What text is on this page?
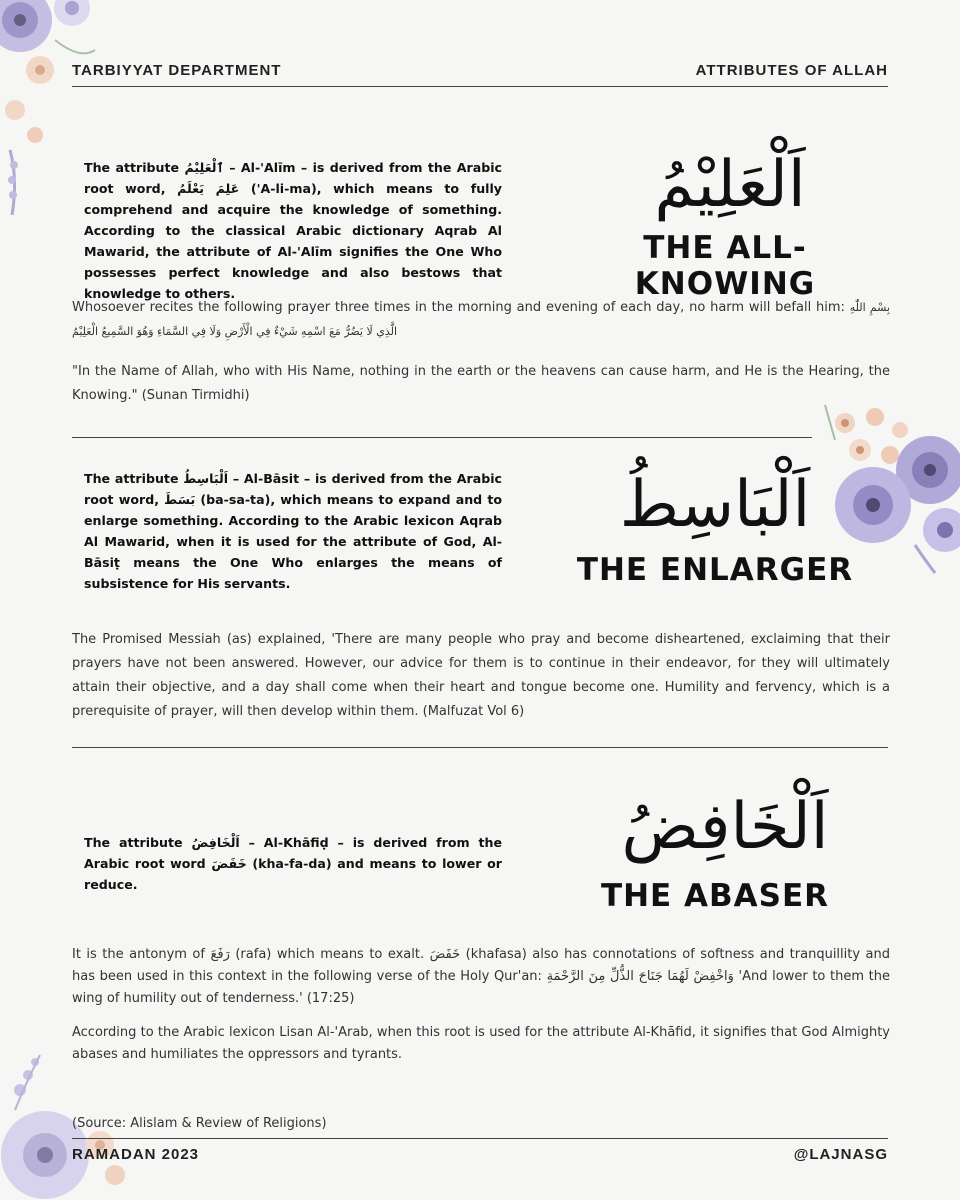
TARBIYYAT DEPARTMENT	ATTRIBUTES OF ALLAH
اَلْعَلِيْمُ
THE ALL-KNOWING
The attribute ٱلْعَلِيْمُ – Al-'Alīm – is derived from the Arabic root word, عَلِمَ يَعْلَمُ ('A-li-ma), which means to fully comprehend and acquire the knowledge of something. According to the classical Arabic dictionary Aqrab Al Mawarid, the attribute of Al-'Alīm signifies the One Who possesses perfect knowledge and also bestows that knowledge to others.
Whosoever recites the following prayer three times in the morning and evening of each day, no harm will befall him: بِسْمِ اللّٰهِ الَّذِي لَا يَضُرُّ مَعَ اسْمِهِ شَيْءٌ فِي الْأَرْضِ وَلَا فِي السَّمَاءِ وَهُوَ السَّمِيعُ الْعَلِيْمُ
"In the Name of Allah, who with His Name, nothing in the earth or the heavens can cause harm, and He is the Hearing, the Knowing." (Sunan Tirmidhi)
اَلْبَاسِطُ
THE ENLARGER
The attribute اَلْبَاسِطُ – Al-Bāsit – is derived from the Arabic root word, بَسَطَ (ba-sa-ta), which means to expand and to enlarge something. According to the Arabic lexicon Aqrab Al Mawarid, when it is used for the attribute of God, Al-Bāsiṭ means the One Who enlarges the means of subsistence for His servants.
The Promised Messiah (as) explained, 'There are many people who pray and become disheartened, exclaiming that their prayers have not been answered. However, our advice for them is to continue in their endeavor, for they will ultimately attain their objective, and a day shall come when their heart and tongue become one. Humility and fervency, which is a prerequisite of prayer, will then develop within them. (Malfuzat Vol 6)
اَلْخَافِضُ
THE ABASER
The attribute اَلْخَافِضُ – Al-Khāfiḍ – is derived from the Arabic root word خَفَضَ (kha-fa-da) and means to lower or reduce.
It is the antonym of رَفَعَ (rafa) which means to exalt. خَفَضَ (khafasa) also has connotations of softness and tranquillity and has been used in this context in the following verse of the Holy Qur'an: وَاخْفِضْ لَهُمَا جَنَاحَ الذُّلِّ مِنَ الرَّحْمَةِ 'And lower to them the wing of humility out of tenderness.' (17:25)
According to the Arabic lexicon Lisan Al-'Arab, when this root is used for the attribute Al-Khāfid, it signifies that God Almighty abases and humiliates the oppressors and tyrants.
(Source: Alislam & Review of Religions)
RAMADAN 2023	@LAJNASG
